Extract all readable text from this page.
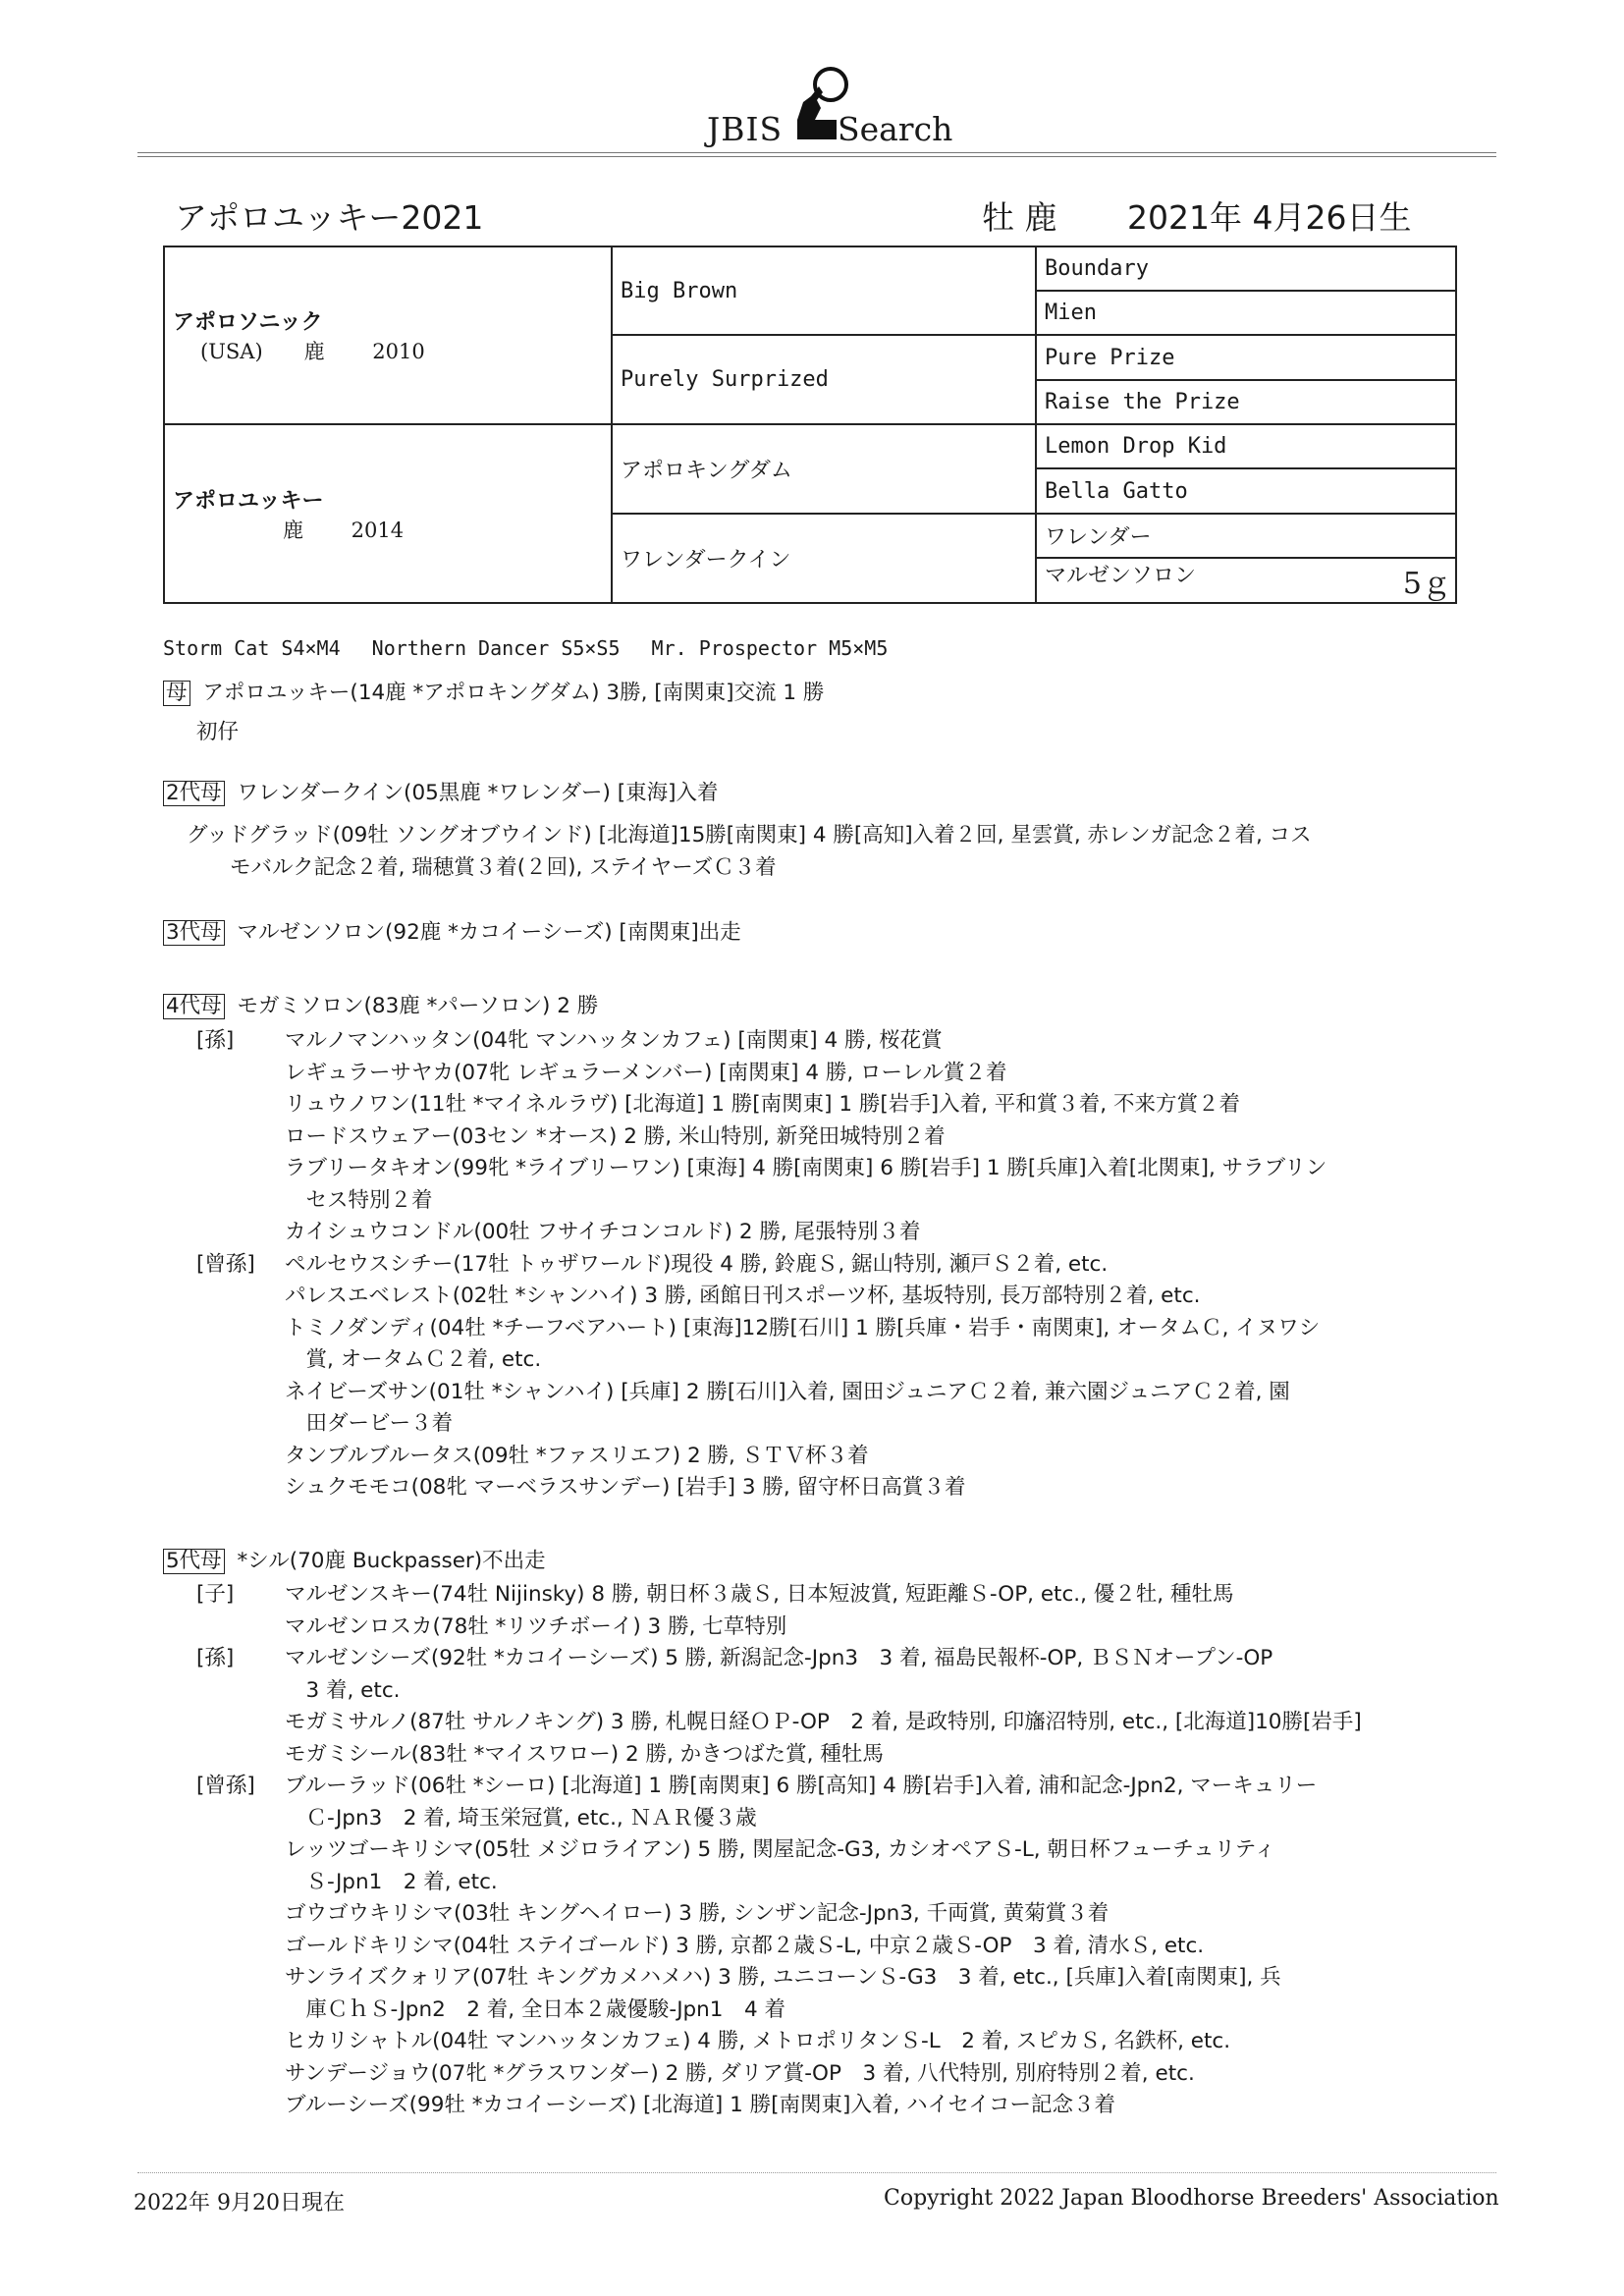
JBIS Search
アポロユッキー2021	牡 鹿 2021年 4月26日生
アポロソニック
(USA)　　鹿　　 2010	Big Brown	Boundary
		Mien
	Purely Surprized	Pure Prize
		Raise the Prize

アポロユッキー
　　　　鹿　　 2014	アポロキングダム	Lemon Drop Kid
		Bella Gatto
	ワレンダークイン	ワレンダー
		マルゼンソロン 5ｇ
Storm Cat S4×M4　 Northern Dancer S5×S5　 Mr. Prospector M5×M5
母 アポロユッキー(14鹿 *アポロキングダム) 3勝, [南関東]交流 1 勝
初仔
2代母 ワレンダークイン(05黒鹿 *ワレンダー) [東海]入着
グッドグラッド(09牡 ソングオブウインド) [北海道]15勝[南関東] 4 勝[高知]入着２回, 星雲賞, 赤レンガ記念２着, コス
モバルク記念２着, 瑞穂賞３着(２回), ステイヤーズＣ３着
3代母 マルゼンソロン(92鹿 *カコイーシーズ) [南関東]出走
4代母 モガミソロン(83鹿 *パーソロン) 2 勝
[孫] マルノマンハッタン(04牝 マンハッタンカフェ) [南関東] 4 勝, 桜花賞
レギュラーサヤカ(07牝 レギュラーメンバー) [南関東] 4 勝, ローレル賞２着
リュウノワン(11牡 *マイネルラヴ) [北海道] 1 勝[南関東] 1 勝[岩手]入着, 平和賞３着, 不来方賞２着
ロードスウェアー(03セン *オース) 2 勝, 米山特別, 新発田城特別２着
ラブリータキオン(99牝 *ライブリーワン) [東海] 4 勝[南関東] 6 勝[岩手] 1 勝[兵庫]入着[北関東], サラブリン
　セス特別２着
カイシュウコンドル(00牡 フサイチコンコルド) 2 勝, 尾張特別３着
[曾孫] ペルセウスシチー(17牡 トゥザワールド)現役 4 勝, 鈴鹿Ｓ, 鋸山特別, 瀬戸Ｓ２着, etc.
パレスエベレスト(02牡 *シャンハイ) 3 勝, 函館日刊スポーツ杯, 基坂特別, 長万部特別２着, etc.
トミノダンディ(04牡 *チーフベアハート) [東海]12勝[石川] 1 勝[兵庫・岩手・南関東], オータムＣ, イヌワシ
　賞, オータムＣ２着, etc.
ネイビーズサン(01牡 *シャンハイ) [兵庫] 2 勝[石川]入着, 園田ジュニアＣ２着, 兼六園ジュニアＣ２着, 園
　田ダービー３着
タンブルブルータス(09牡 *ファスリエフ) 2 勝, ＳＴＶ杯３着
シュクモモコ(08牝 マーベラスサンデー) [岩手] 3 勝, 留守杯日高賞３着
5代母 *シル(70鹿 Buckpasser)不出走
[子] マルゼンスキー(74牡 Nijinsky) 8 勝, 朝日杯３歳Ｓ, 日本短波賞, 短距離Ｓ-OP, etc., 優２牡, 種牡馬
マルゼンロスカ(78牡 *リツチボーイ) 3 勝, 七草特別
[孫] マルゼンシーズ(92牡 *カコイーシーズ) 5 勝, 新潟記念-Jpn3　3 着, 福島民報杯-OP, ＢＳＮオープン-OP
　3 着, etc.
モガミサルノ(87牡 サルノキング) 3 勝, 札幌日経ＯＰ-OP　2 着, 是政特別, 印旛沼特別, etc., [北海道]10勝[岩手]
モガミシール(83牡 *マイスワロー) 2 勝, かきつばた賞, 種牡馬
[曾孫] ブルーラッド(06牡 *シーロ) [北海道] 1 勝[南関東] 6 勝[高知] 4 勝[岩手]入着, 浦和記念-Jpn2, マーキュリー
　Ｃ-Jpn3　2 着, 埼玉栄冠賞, etc., ＮＡＲ優３歳
レッツゴーキリシマ(05牡 メジロライアン) 5 勝, 関屋記念-G3, カシオペアＳ-L, 朝日杯フューチュリティ
　Ｓ-Jpn1　2 着, etc.
ゴウゴウキリシマ(03牡 キングヘイロー) 3 勝, シンザン記念-Jpn3, 千両賞, 黄菊賞３着
ゴールドキリシマ(04牡 ステイゴールド) 3 勝, 京都２歳Ｓ-L, 中京２歳Ｓ-OP　3 着, 清水Ｓ, etc.
サンライズクォリア(07牡 キングカメハメハ) 3 勝, ユニコーンＳ-G3　3 着, etc., [兵庫]入着[南関東], 兵
　庫ＣｈＳ-Jpn2　2 着, 全日本２歳優駿-Jpn1　4 着
ヒカリシャトル(04牡 マンハッタンカフェ) 4 勝, メトロポリタンＳ-L　2 着, スピカＳ, 名鉄杯, etc.
サンデージョウ(07牝 *グラスワンダー) 2 勝, ダリア賞-OP　3 着, 八代特別, 別府特別２着, etc.
ブルーシーズ(99牡 *カコイーシーズ) [北海道] 1 勝[南関東]入着, ハイセイコー記念３着
2022年 9月20日現在	Copyright 2022 Japan Bloodhorse Breeders' Association
